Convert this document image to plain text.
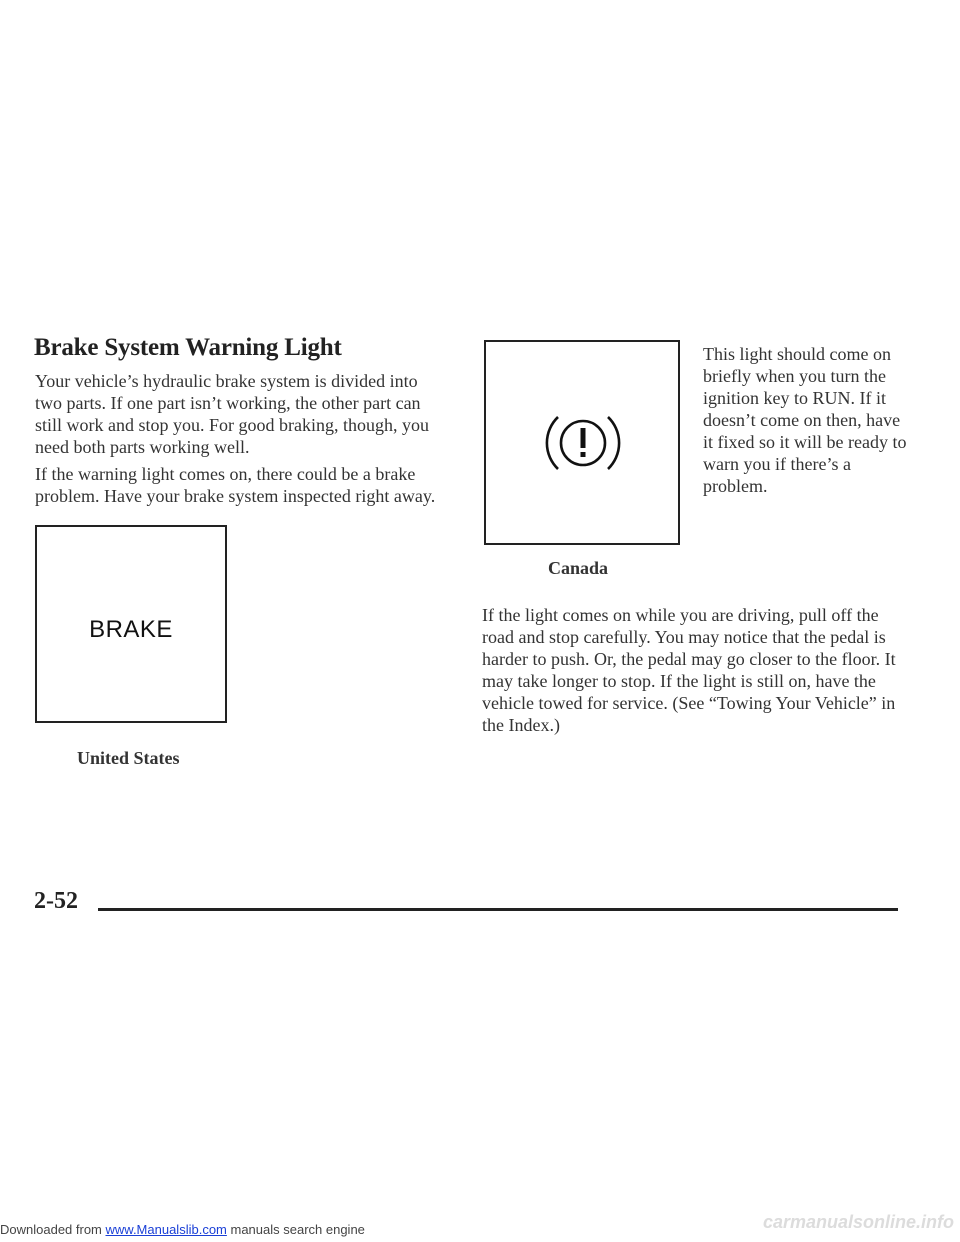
Brake System Warning Light

Your vehicle’s hydraulic brake system is divided into two parts. If one part isn’t working, the other part can still work and stop you. For good braking, though, you need both parts working well.

If the warning light comes on, there could be a brake problem. Have your brake system inspected right away.

BRAKE

United States

Canada

This light should come on briefly when you turn the ignition key to RUN. If it doesn’t come on then, have it fixed so it will be ready to warn you if there’s a problem.

If the light comes on while you are driving, pull off the road and stop carefully. You may notice that the pedal is harder to push. Or, the pedal may go closer to the floor. It may take longer to stop. If the light is still on, have the vehicle towed for service. (See “Towing Your Vehicle” in the Index.)

2-52

Downloaded from www.Manualslib.com manuals search engine	carmanualsonline.info
